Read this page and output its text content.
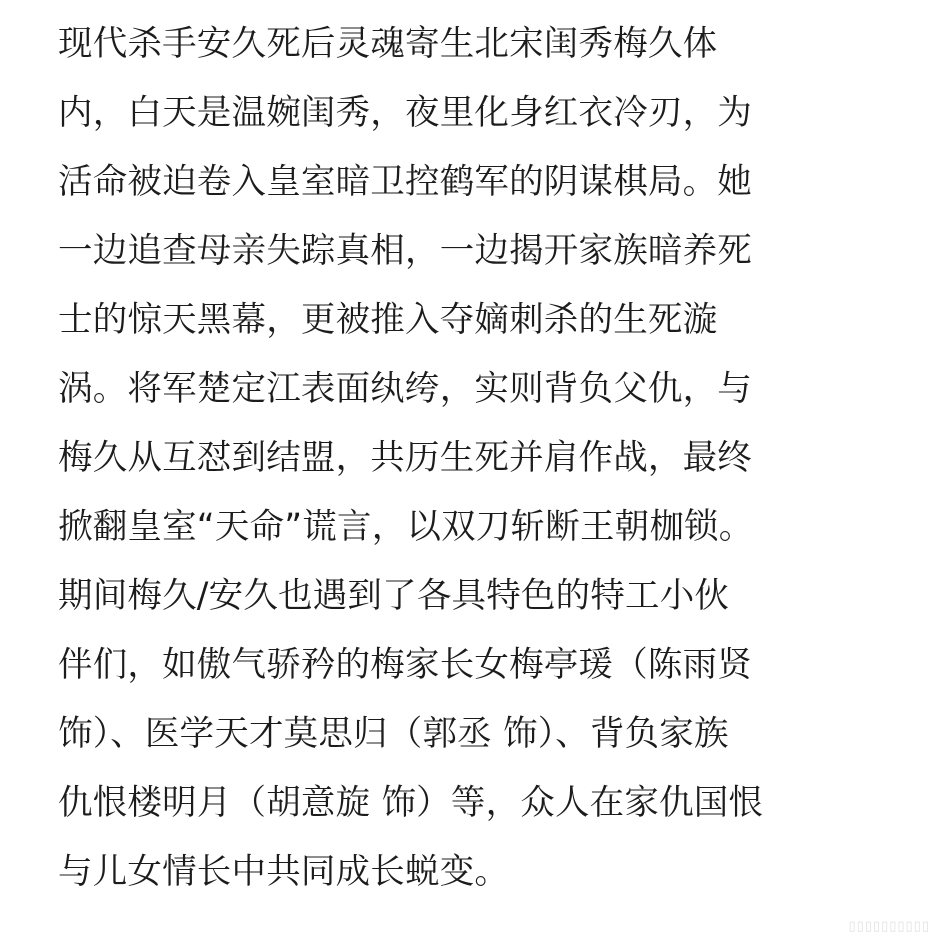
现代杀手安久死后灵魂寄生北宋闺秀梅久体
内，白天是温婉闺秀，夜里化身红衣冷刃，为
活命被迫卷入皇室暗卫控鹤军的阴谋棋局。她
一边追查母亲失踪真相，一边揭开家族暗养死
士的惊天黑幕，更被推入夺嫡刺杀的生死漩
涡。将军楚定江表面纨绔，实则背负父仇，与
梅久从互怼到结盟，共历生死并肩作战，最终
掀翻皇室“天命”谎言，以双刀斩断王朝枷锁。

期间梅久/安久也遇到了各具特色的特工小伙
伴们，如傲气骄矜的梅家长女梅亭瑗（陈雨贤
饰）、医学天才莫思归（郭丞 饰）、背负家族
仇恨楼明月（胡意旋 饰）等，众人在家仇国恨
与儿女情长中共同成长蜕变。

▯▯▯▯▯▯▯▯▯▯
